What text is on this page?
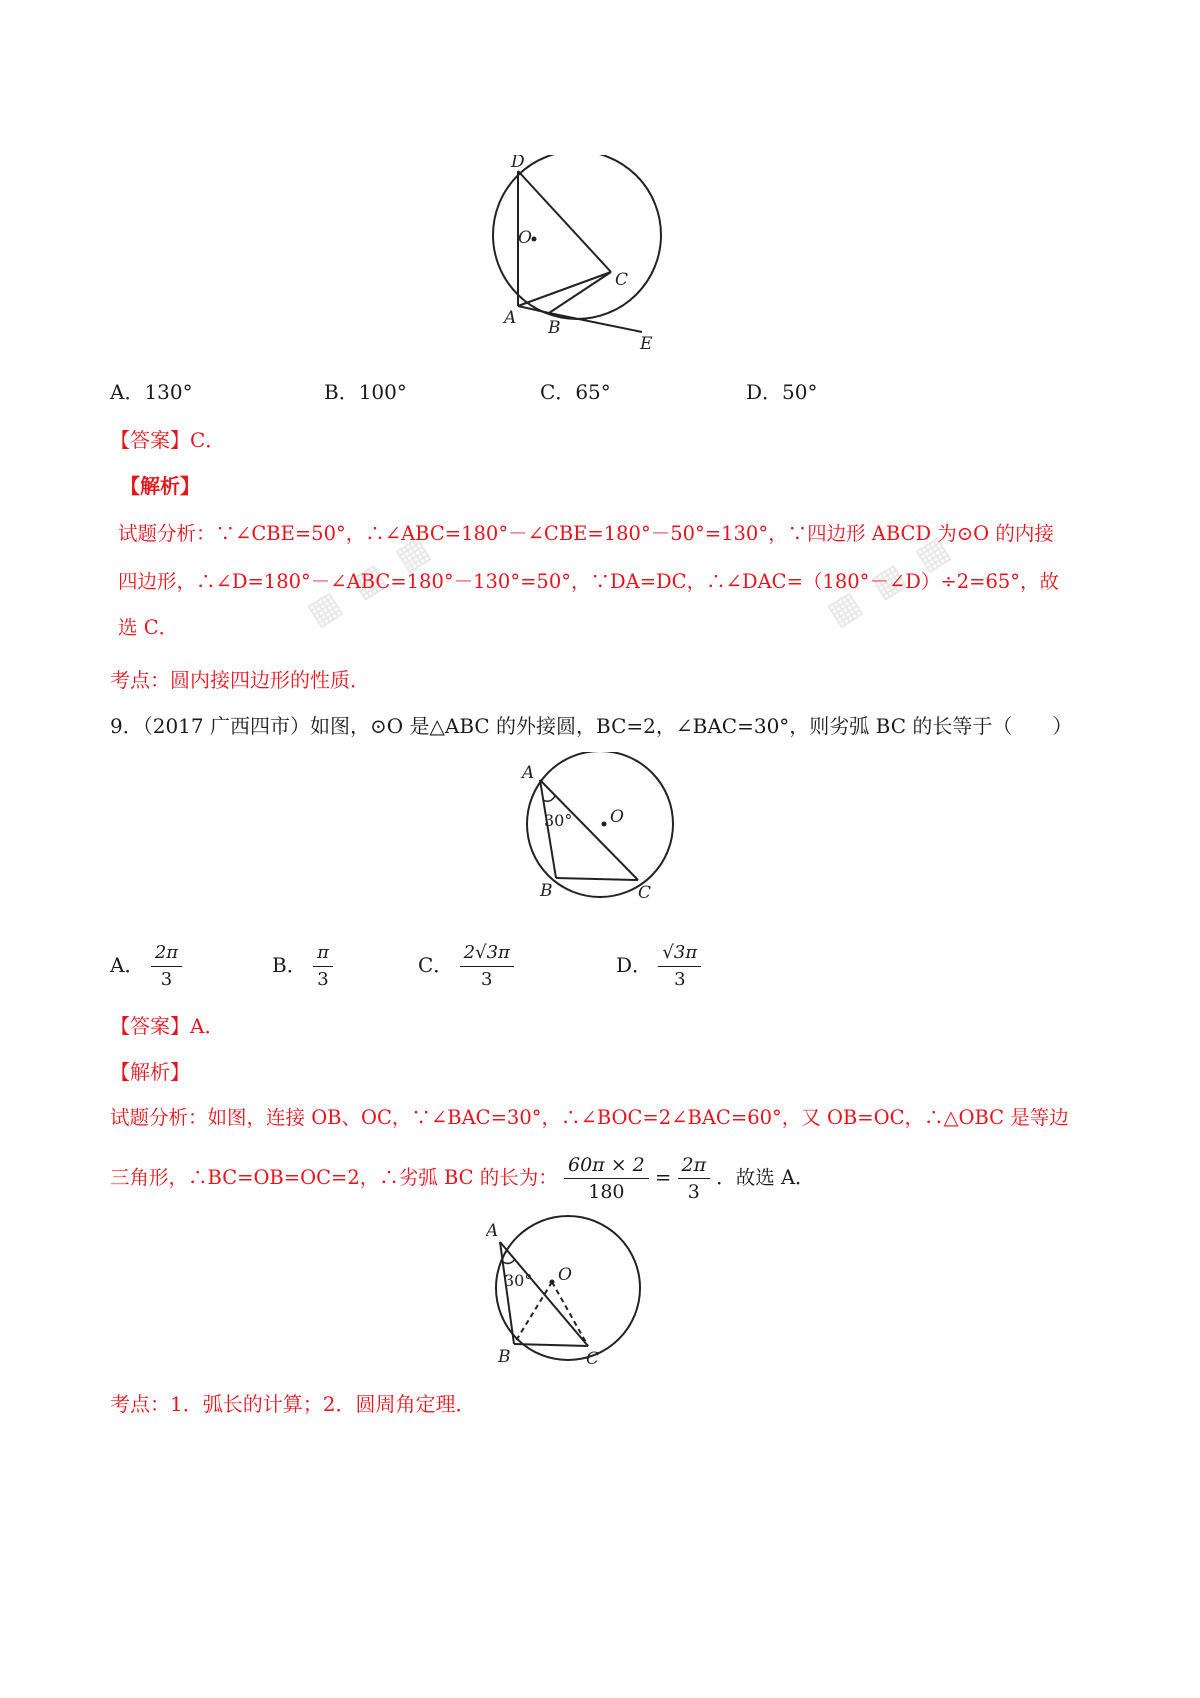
▦ ▦ ▦	▦ ▦ ▦
D
O
C
A B
E
A．130°	B．100°	C．65°	D．50°
【答案】C．
【解析】
试题分析：∵∠CBE=50°，∴∠ABC=180°－∠CBE=180°－50°=130°，∵四边形 ABCD 为⊙O 的内接
四边形，∴∠D=180°－∠ABC=180°－130°=50°，∵DA=DC，∴∠DAC=（180°－∠D）÷2=65°，故
选 C．
考点：圆内接四边形的性质．
9．（2017 广西四市）如图，⊙O 是△ABC 的外接圆，BC=2，∠BAC=30°，则劣弧 BC 的长等于（　　）
A
30° O
B	C
A． $\frac{2\pi}{3}$	B． $\frac{\pi}{3}$	C． $\frac{2√3\pi}{3}$	D． $\frac{√3\pi}{3}$
【答案】A．
【解析】
试题分析：如图，连接 OB、OC，∵∠BAC=30°，∴∠BOC=2∠BAC=60°，又 OB=OC，∴△OBC 是等边
三角形，∴BC=OB=OC=2，∴劣弧 BC 的长为： $\frac{60\pi \times 2}{180} = \frac{2\pi}{3}$ ．故选 A．
A
30° O
B	C
考点：1．弧长的计算；2．圆周角定理．
